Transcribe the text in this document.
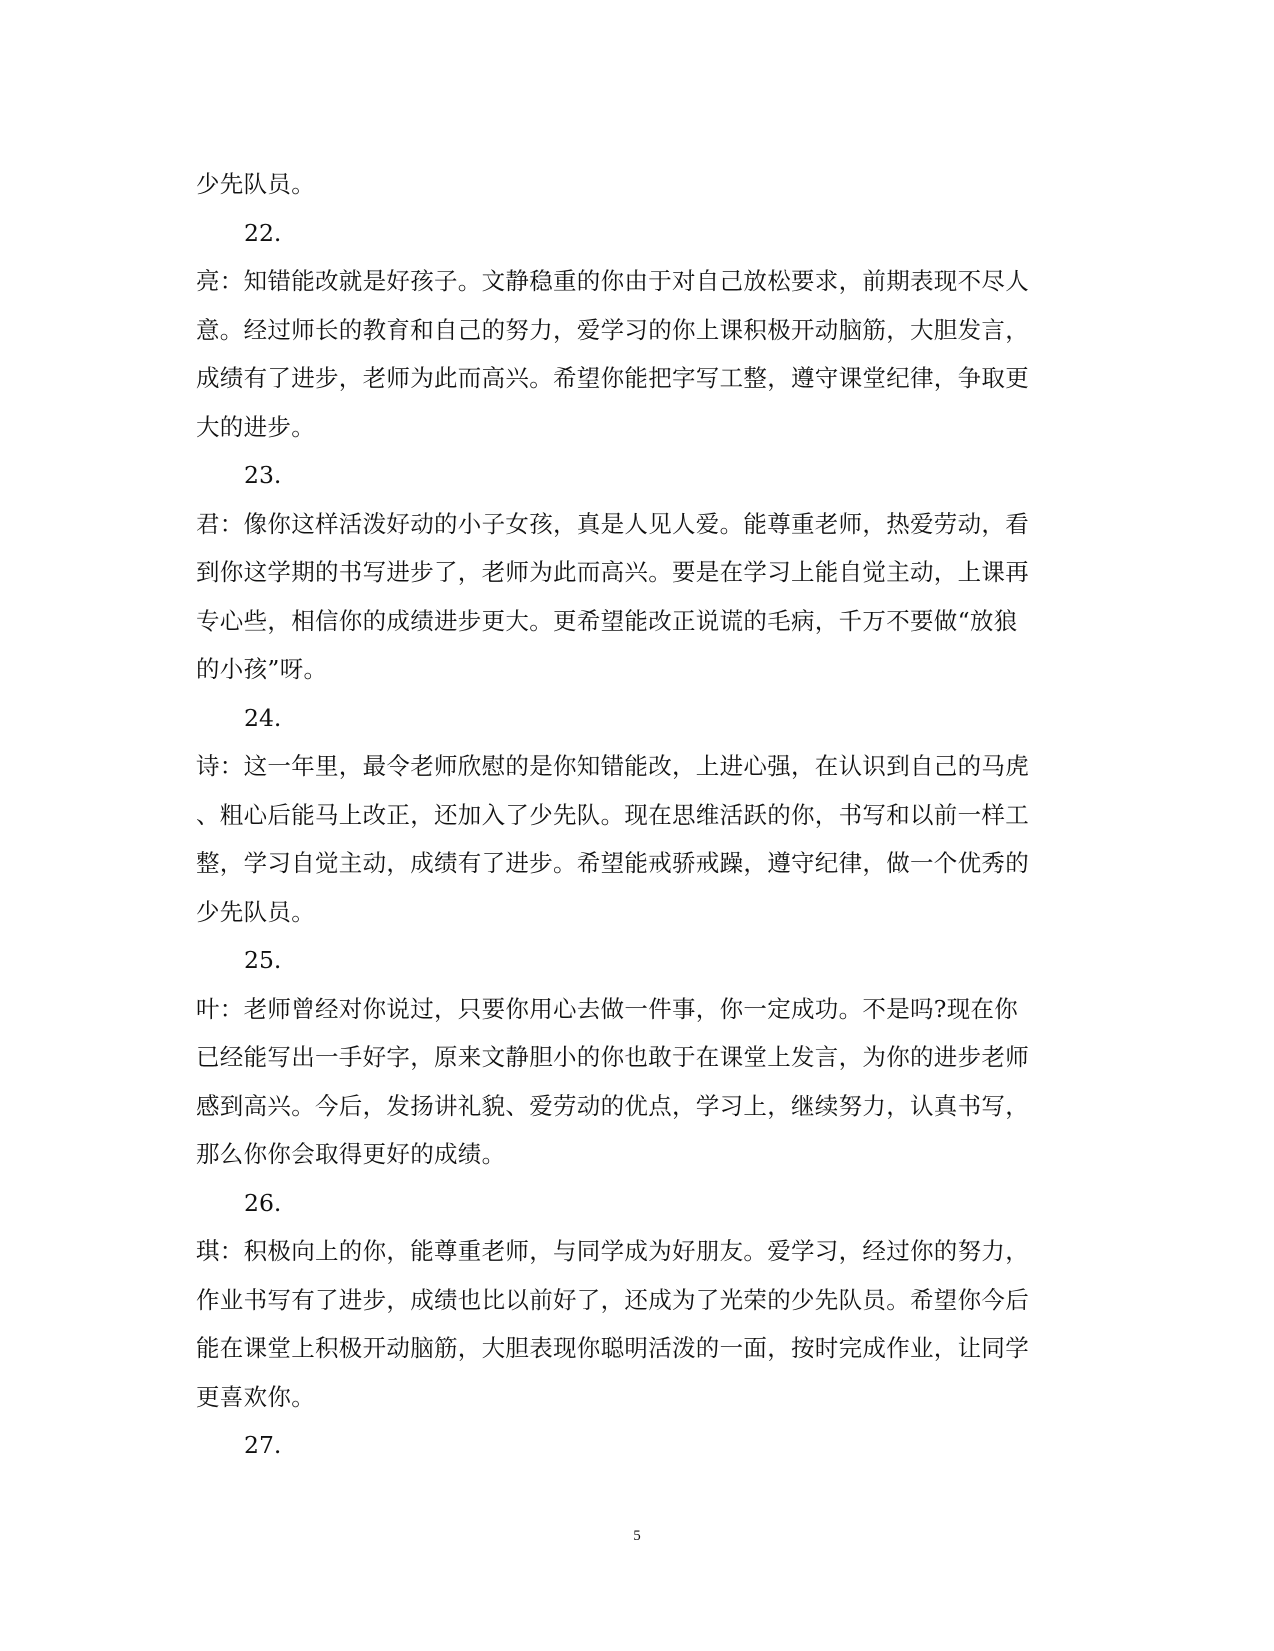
少先队员。
22.
亮：知错能改就是好孩子。文静稳重的你由于对自己放松要求，前期表现不尽人
意。经过师长的教育和自己的努力，爱学习的你上课积极开动脑筋，大胆发言，
成绩有了进步，老师为此而高兴。希望你能把字写工整，遵守课堂纪律，争取更
大的进步。
23.
君：像你这样活泼好动的小子女孩，真是人见人爱。能尊重老师，热爱劳动，看
到你这学期的书写进步了，老师为此而高兴。要是在学习上能自觉主动，上课再
专心些，相信你的成绩进步更大。更希望能改正说谎的毛病，千万不要做“放狼
的小孩”呀。
24.
诗：这一年里，最令老师欣慰的是你知错能改，上进心强，在认识到自己的马虎
、粗心后能马上改正，还加入了少先队。现在思维活跃的你，书写和以前一样工
整，学习自觉主动，成绩有了进步。希望能戒骄戒躁，遵守纪律，做一个优秀的
少先队员。
25.
叶：老师曾经对你说过，只要你用心去做一件事，你一定成功。不是吗?现在你
已经能写出一手好字，原来文静胆小的你也敢于在课堂上发言，为你的进步老师
感到高兴。今后，发扬讲礼貌、爱劳动的优点，学习上，继续努力，认真书写，
那么你你会取得更好的成绩。
26.
琪：积极向上的你，能尊重老师，与同学成为好朋友。爱学习，经过你的努力，
作业书写有了进步，成绩也比以前好了，还成为了光荣的少先队员。希望你今后
能在课堂上积极开动脑筋，大胆表现你聪明活泼的一面，按时完成作业，让同学
更喜欢你。
27.
5
